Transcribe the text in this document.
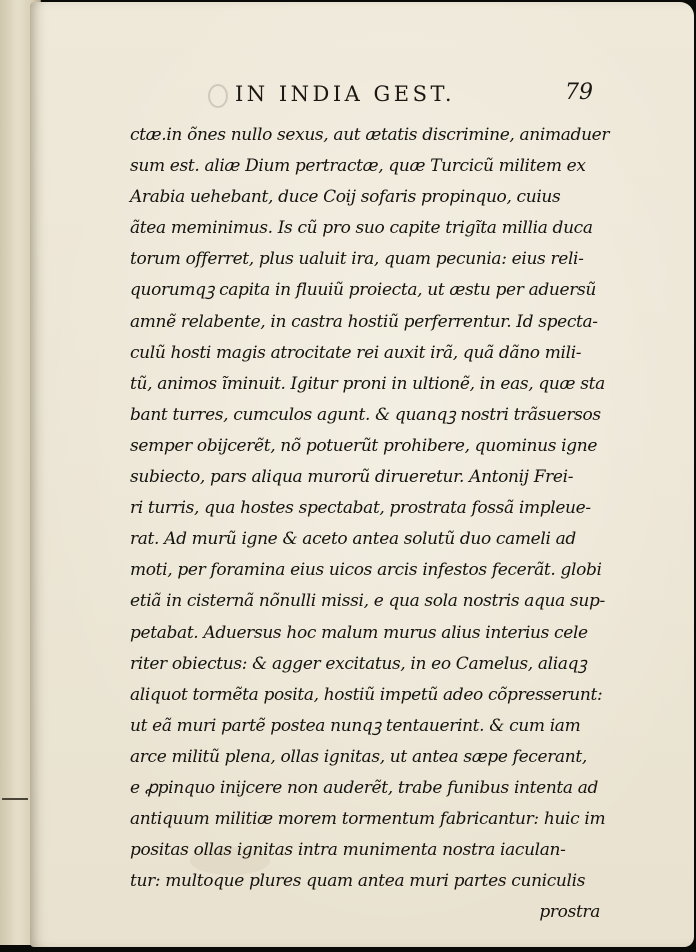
IN INDIA GEST.	79
ctæ.in õnes nullo sexus, aut ætatis discrimine, animaduer
sum est. aliæ Dium pertractæ, quæ Turcicũ militem ex
Arabia uehebant, duce Coij sofaris propinquo, cuius
ãtea meminimus. Is cũ pro suo capite trigĩta millia duca
torum offerret, plus ualuit ira, quam pecunia: eius reli-
quorumqꝫ capita in fluuiũ proiecta, ut æstu per aduersũ
amnẽ relabente, in castra hostiũ perferrentur. Id specta-
culũ hosti magis atrocitate rei auxit irã, quã dãno mili-
tũ, animos ĩminuit. Igitur proni in ultionẽ, in eas, quæ sta
bant turres, cumculos agunt. & quanqꝫ nostri trãsuersos
semper obijcerẽt, nõ potuerũt prohibere, quominus igne
subiecto, pars aliqua murorũ dirueretur. Antonij Frei-
ri turris, qua hostes spectabat, prostrata fossã impleue-
rat. Ad murũ igne & aceto antea solutũ duo cameli ad
moti, per foramina eius uicos arcis infestos fecerãt. globi
etiã in cisternã nõnulli missi, e qua sola nostris aqua sup-
petabat. Aduersus hoc malum murus alius interius cele
riter obiectus: & agger excitatus, in eo Camelus, aliaqꝫ
aliquot tormẽta posita, hostiũ impetũ adeo cõpresserunt:
ut eã muri partẽ postea nunqꝫ tentauerint. & cum iam
arce militũ plena, ollas ignitas, ut antea sæpe fecerant,
e ꝓpinquo inijcere non auderẽt, trabe funibus intenta ad
antiquum militiæ morem tormentum fabricantur: huic im
positas ollas ignitas intra munimenta nostra iaculan-
tur: multoque plures quam antea muri partes cuniculis
prostra
